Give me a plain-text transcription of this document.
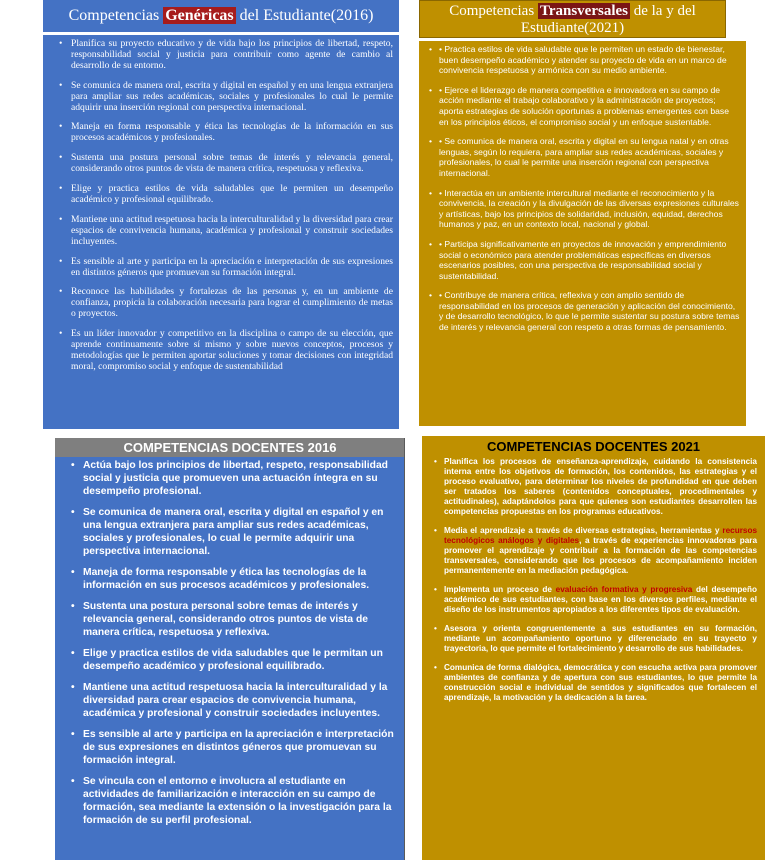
Competencias Genéricas del Estudiante(2016)
• Planifica su proyecto educativo y de vida bajo los principios de libertad, respeto, responsabilidad social y justicia para contribuir como agente de cambio al desarrollo de su entorno.
• Se comunica de manera oral, escrita y digital en español y en una lengua extranjera para ampliar sus redes académicas, sociales y profesionales lo cual le permite adquirir una inserción regional con perspectiva internacional.
• Maneja en forma responsable y ética las tecnologías de la información en sus procesos académicos y profesionales.
• Sustenta una postura personal sobre temas de interés y relevancia general, considerando otros puntos de vista de manera crítica, respetuosa y reflexiva.
• Elige y practica estilos de vida saludables que le permiten un desempeño académico y profesional equilibrado.
• Mantiene una actitud respetuosa hacia la interculturalidad y la diversidad para crear espacios de convivencia humana, académica y profesional y construir sociedades incluyentes.
• Es sensible al arte y participa en la apreciación e interpretación de sus expresiones en distintos géneros que promuevan su formación integral.
• Reconoce las habilidades y fortalezas de las personas y, en un ambiente de confianza, propicia la colaboración necesaria para lograr el cumplimiento de metas o proyectos.
• Es un líder innovador y competitivo en la disciplina o campo de su elección, que aprende continuamente sobre sí mismo y sobre nuevos conceptos, procesos y metodologías que le permiten aportar soluciones y tomar decisiones con integridad moral, compromiso social y enfoque de sustentabilidad
Competencias Transversales de la y del Estudiante(2021)
• • Practica estilos de vida saludable que le permiten un estado de bienestar, buen desempeño académico y atender su proyecto de vida en un marco de convivencia respetuosa y armónica con su medio ambiente.
• • Ejerce el liderazgo de manera competitiva e innovadora en su campo de acción mediante el trabajo colaborativo y la administración de proyectos; aporta estrategias de solución oportunas a problemas emergentes con base en los principios éticos, el compromiso social y un enfoque sustentable.
• • Se comunica de manera oral, escrita y digital en su lengua natal y en otras lenguas, según lo requiera, para ampliar sus redes académicas, sociales y profesionales, lo cual le permite una inserción regional con perspectiva internacional.
• • Interactúa en un ambiente intercultural mediante el reconocimiento y la convivencia, la creación y la divulgación de las diversas expresiones culturales y artísticas, bajo los principios de solidaridad, inclusión, equidad, derechos humanos y paz, en un contexto local, nacional y global.
• • Participa significativamente en proyectos de innovación y emprendimiento social o económico para atender problemáticas específicas en diversos escenarios posibles, con una perspectiva de responsabilidad social y sustentabilidad.
• • Contribuye de manera crítica, reflexiva y con amplio sentido de responsabilidad en los procesos de generación y aplicación del conocimiento, y de desarrollo tecnológico, lo que le permite sustentar su postura sobre temas de interés y relevancia general con respeto a otras formas de pensamiento.
COMPETENCIAS DOCENTES 2016
• Actúa bajo los principios de libertad, respeto, responsabilidad social y justicia que promueven una actuación íntegra en su desempeño profesional.
• Se comunica de manera oral, escrita y digital en español y en una lengua extranjera para ampliar sus redes académicas, sociales y profesionales, lo cual le permite adquirir una perspectiva internacional.
• Maneja de forma responsable y ética las tecnologías de la información en sus procesos académicos y profesionales.
• Sustenta una postura personal sobre temas de interés y relevancia general, considerando otros puntos de vista de manera crítica, respetuosa y reflexiva.
• Elige y practica estilos de vida saludables que le permitan un desempeño académico y profesional equilibrado.
• Mantiene una actitud respetuosa hacia la interculturalidad y la diversidad para crear espacios de convivencia humana, académica y profesional y construir sociedades incluyentes.
• Es sensible al arte y participa en la apreciación e interpretación de sus expresiones en distintos géneros que promuevan su formación integral.
• Se vincula con el entorno e involucra al estudiante en actividades de familiarización e interacción en su campo de formación, sea mediante la extensión o la investigación para la formación de su perfil profesional.
COMPETENCIAS DOCENTES 2021
• Planifica los procesos de enseñanza-aprendizaje, cuidando la consistencia interna entre los objetivos de formación, los contenidos, las estrategias y el proceso evaluativo, para determinar los niveles de profundidad en que deben ser tratados los saberes (contenidos conceptuales, procedimentales y actitudinales), adaptándolos para que quienes son estudiantes desarrollen las competencias propuestas en los programas educativos.
• Media el aprendizaje a través de diversas estrategias, herramientas y recursos tecnológicos análogos y digitales, a través de experiencias innovadoras para promover el aprendizaje y contribuir a la formación de las competencias transversales, considerando que los procesos de acompañamiento inciden permanentemente en la mediación pedagógica.
• Implementa un proceso de evaluación formativa y progresiva del desempeño académico de sus estudiantes, con base en los diversos perfiles, mediante el diseño de los instrumentos apropiados a los diferentes tipos de evaluación.
• Asesora y orienta congruentemente a sus estudiantes en su formación, mediante un acompañamiento oportuno y diferenciado en su trayecto y trayectoria, lo que permite el fortalecimiento y desarrollo de sus habilidades.
• Comunica de forma dialógica, democrática y con escucha activa para promover ambientes de confianza y de apertura con sus estudiantes, lo que permite la construcción social e individual de sentidos y significados que fortalecen el aprendizaje, la motivación y la dedicación a la tarea.
